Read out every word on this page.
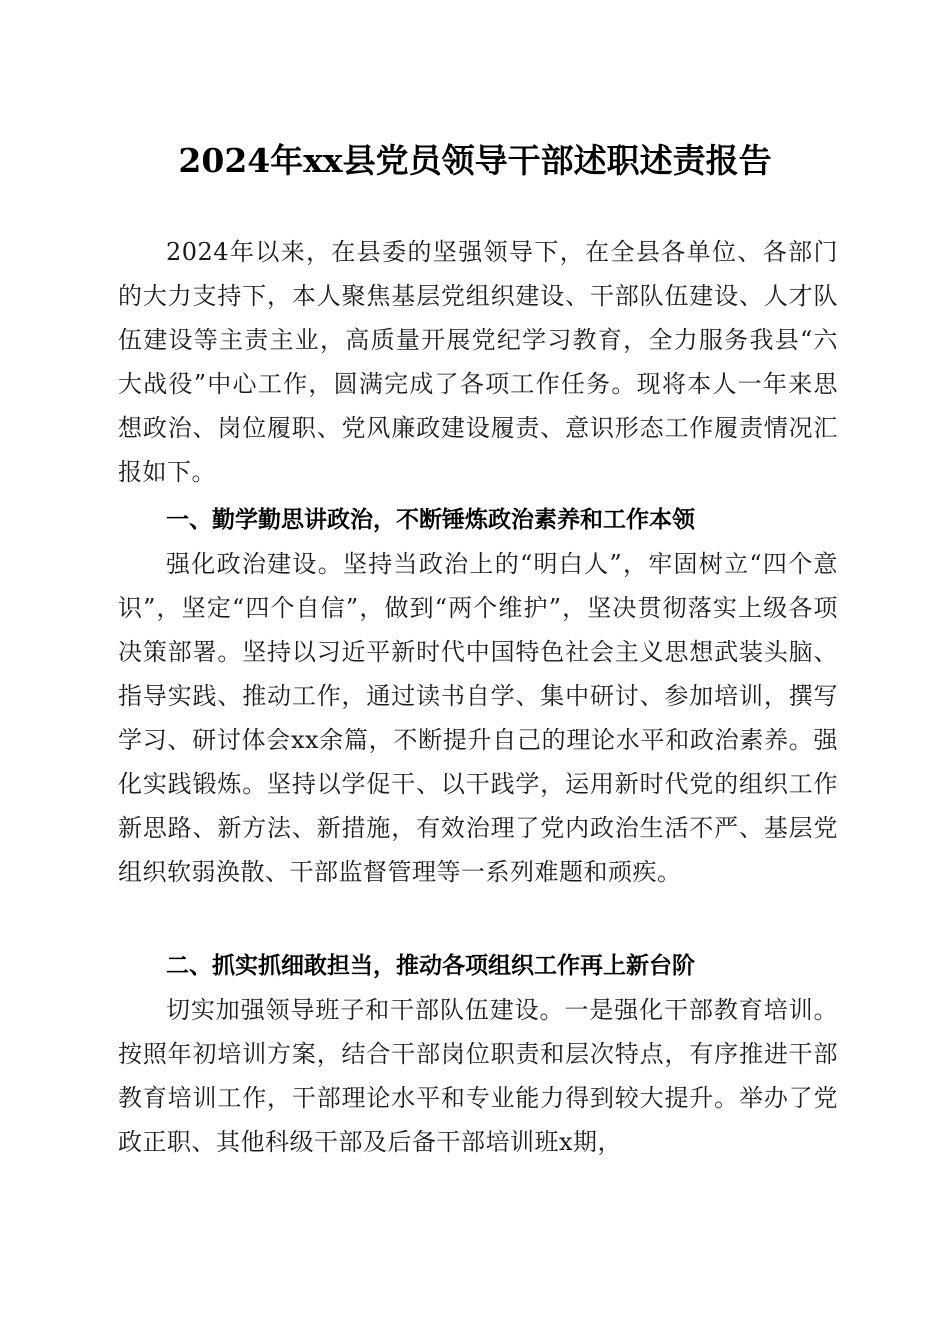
2024年xx县党员领导干部述职述责报告

2024年以来，在县委的坚强领导下，在全县各单位、各部门的大力支持下，本人聚焦基层党组织建设、干部队伍建设、人才队伍建设等主责主业，高质量开展党纪学习教育，全力服务我县“六大战役”中心工作，圆满完成了各项工作任务。现将本人一年来思想政治、岗位履职、党风廉政建设履责、意识形态工作履责情况汇报如下。

一、勤学勤思讲政治，不断锤炼政治素养和工作本领

强化政治建设。坚持当政治上的“明白人”，牢固树立“四个意识”，坚定“四个自信”，做到“两个维护”，坚决贯彻落实上级各项决策部署。坚持以习近平新时代中国特色社会主义思想武装头脑、指导实践、推动工作，通过读书自学、集中研讨、参加培训，撰写学习、研讨体会xx余篇，不断提升自己的理论水平和政治素养。强化实践锻炼。坚持以学促干、以干践学，运用新时代党的组织工作新思路、新方法、新措施，有效治理了党内政治生活不严、基层党组织软弱涣散、干部监督管理等一系列难题和顽疾。

二、抓实抓细敢担当，推动各项组织工作再上新台阶

切实加强领导班子和干部队伍建设。一是强化干部教育培训。按照年初培训方案，结合干部岗位职责和层次特点，有序推进干部教育培训工作，干部理论水平和专业能力得到较大提升。举办了党政正职、其他科级干部及后备干部培训班x期，
